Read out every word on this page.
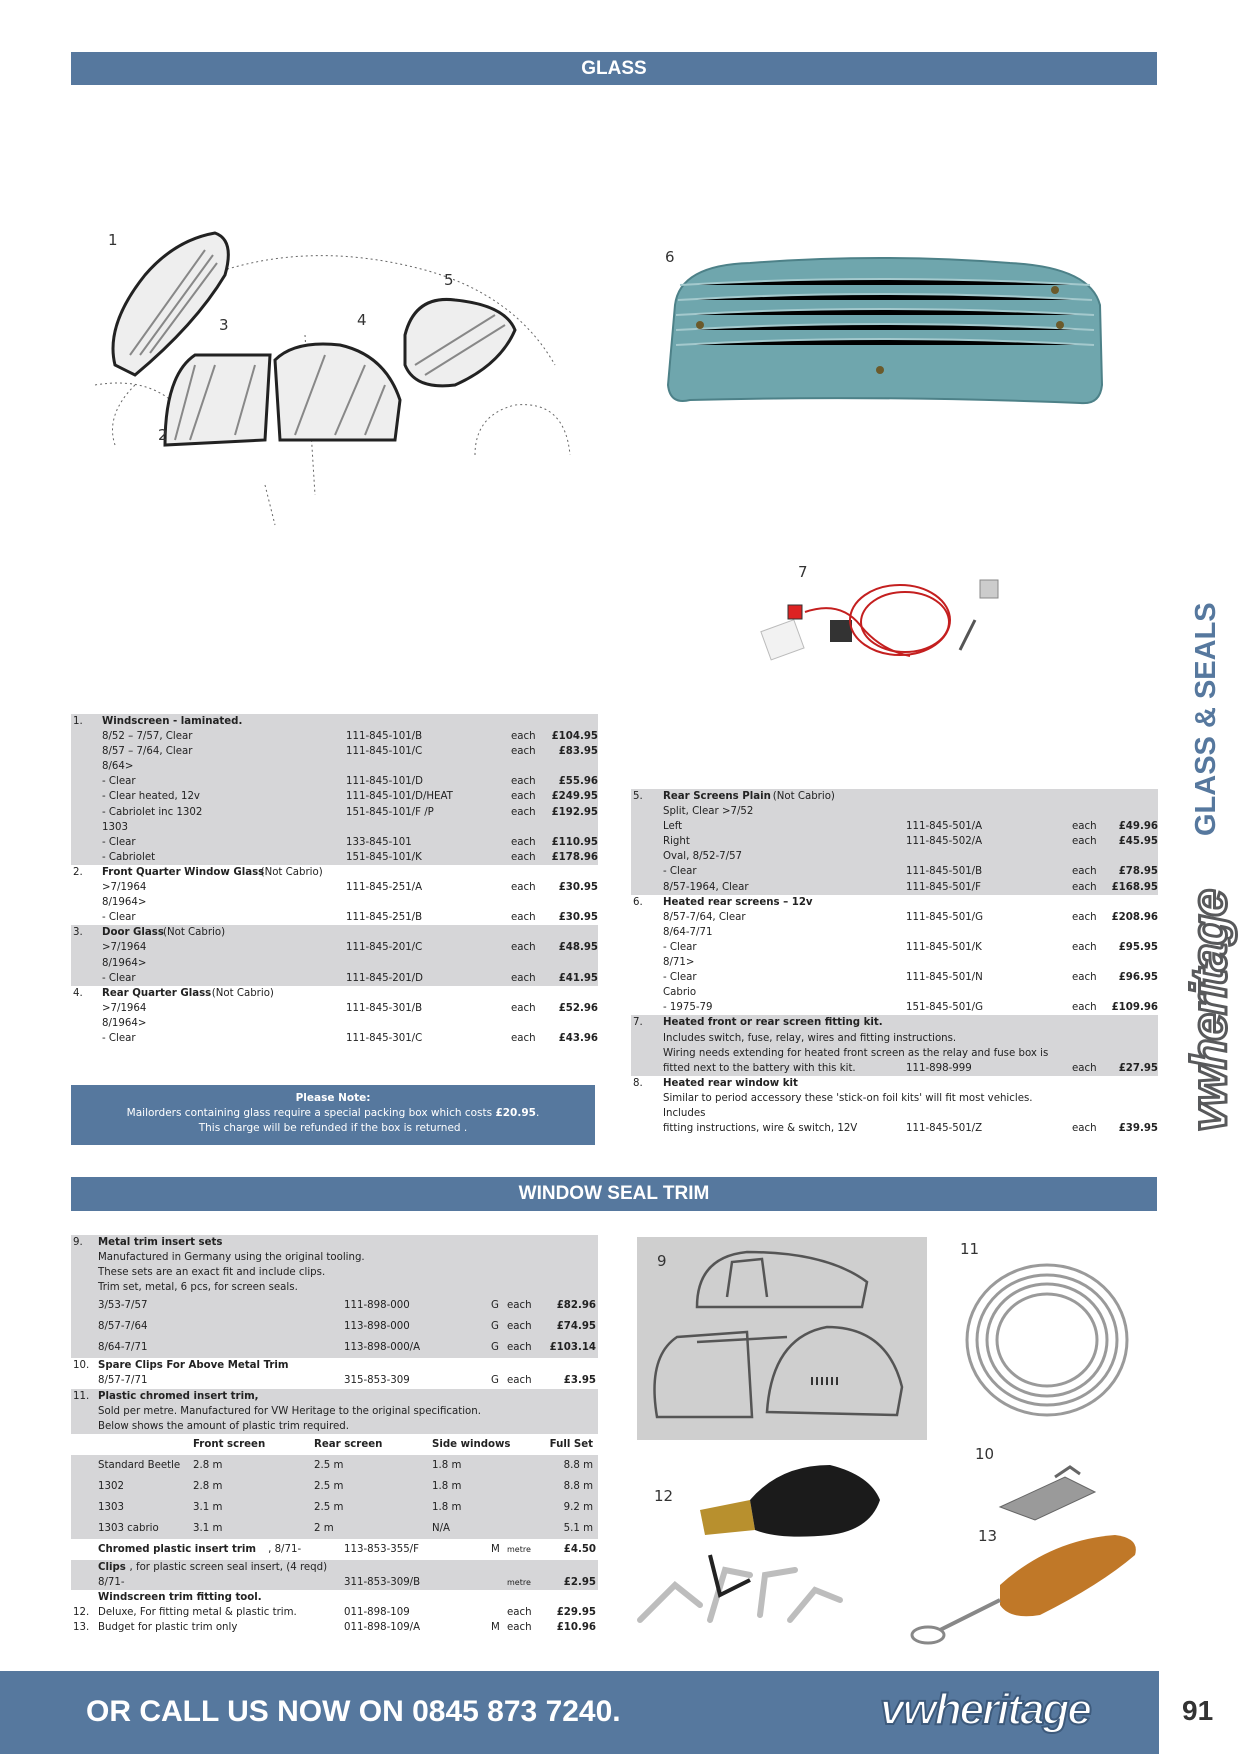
GLASS
GLASS & SEALS
vwheritage
1
2
3	4
5
6
7
1. Windscreen - laminated.
8/52 – 7/57, Clear	111-845-101/B	each £104.95
8/57 – 7/64, Clear	111-845-101/C	each £83.95
8/64>
- Clear	111-845-101/D	each £55.96
- Clear heated, 12v	111-845-101/D/HEAT	each £249.95
- Cabriolet inc 1302	151-845-101/F /P	each £192.95
1303
- Clear	133-845-101	each £110.95
- Cabriolet	151-845-101/K	each £178.96
2. Front Quarter Window Glass
(Not Cabrio)
>7/1964	111-845-251/A	each £30.95
8/1964>
- Clear	111-845-251/B	each £30.95
3. Door Glass (Not Cabrio)
>7/1964	111-845-201/C	each £48.95
8/1964>
- Clear	111-845-201/D	each £41.95
4. Rear Quarter Glass (Not Cabrio)
>7/1964	111-845-301/B	each £52.96
8/1964>
- Clear	111-845-301/C	each £43.96
5. Rear Screens Plain (Not Cabrio)
Split, Clear >7/52
Left	111-845-501/A	each £49.96
Right	111-845-502/A	each £45.95
Oval, 8/52-7/57
- Clear	111-845-501/B	each £78.95
8/57-1964, Clear	111-845-501/F	each £168.95
6. Heated rear screens – 12v
8/57-7/64, Clear	111-845-501/G	each £208.96
8/64-7/71
- Clear	111-845-501/K	each £95.95
8/71>
- Clear	111-845-501/N	each £96.95
Cabrio
- 1975-79	151-845-501/G	each £109.96
7. Heated front or rear screen fitting kit.
Includes switch, fuse, relay, wires and fitting instructions.
Wiring needs extending for heated front screen as the relay and fuse box is
fitted next to the battery with this kit.	111-898-999	each £27.95
8. Heated rear window kit
Similar to period accessory these 'stick-on foil kits' will fit most vehicles.
Includes
fitting instructions, wire & switch, 12V	111-845-501/Z	each £39.95
Please Note:
Mailorders containing glass require a special packing box which costs £20.95.
This charge will be refunded if the box is returned .
WINDOW SEAL TRIM
9. Metal trim insert sets
Manufactured in Germany using the original tooling.
These sets are an exact fit and include clips.
Trim set, metal, 6 pcs, for screen seals.
3/53-7/57	111-898-000	G each £82.96
8/57-7/64	113-898-000	G each £74.95
8/64-7/71	113-898-000/A	G each £103.14
10. Spare Clips For Above Metal Trim
8/57-7/71	315-853-309	G each	£3.95
11. Plastic chromed insert trim,
Sold per metre. Manufactured for VW Heritage to the original specification.
Below shows the amount of plastic trim required.
Front screen	Rear screen	Side windows	Full Set
Standard Beetle 2.8 m	2.5 m	1.8 m	8.8 m
1302	2.8 m	2.5 m	1.8 m	8.8 m
1303	3.1 m	2.5 m	1.8 m	9.2 m
1303 cabrio	3.1 m	2 m	N/A	5.1 m
Chromed plastic insert trim , 8/71-	113-853-355/F	M metre	£4.50
Clips , for plastic screen seal insert, (4 reqd)
8/71-	311-853-309/B	metre	£2.95
Windscreen trim fitting tool.
12. Deluxe, For fitting metal & plastic trim.	011-898-109	each £29.95
13. Budget for plastic trim only	011-898-109/A	M each £10.96
9
11
10
12
13
OR CALL US NOW ON 0845 873 7240.	vwheritage	91
